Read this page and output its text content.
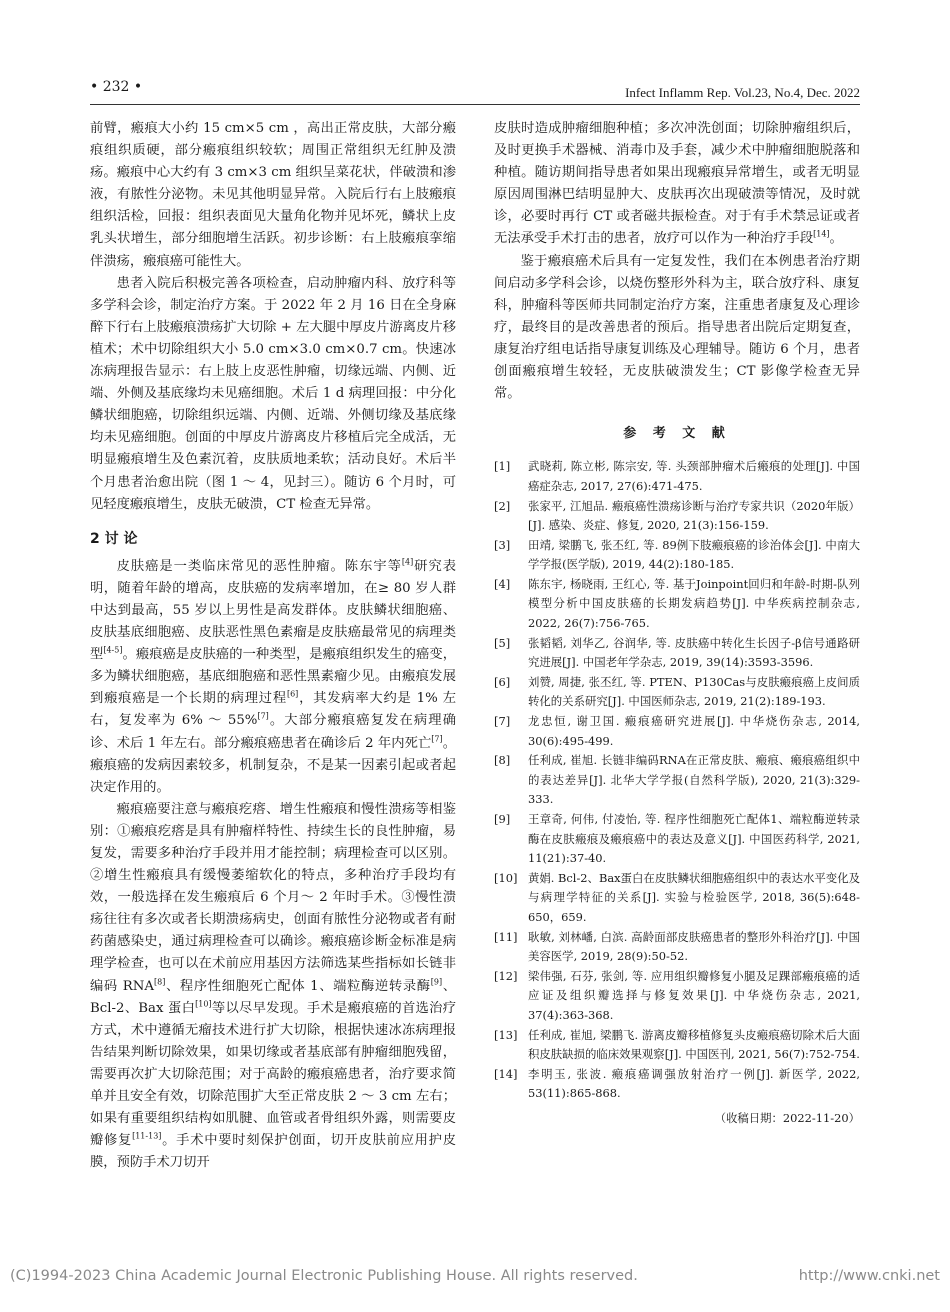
• 232 •	Infect Inflamm Rep. Vol.23, No.4, Dec. 2022

前臂，瘢痕大小约 15 cm×5 cm ，高出正常皮肤，大部分瘢痕组织质硬，部分瘢痕组织较软；周围正常组织无红肿及溃疡。瘢痕中心大约有 3 cm×3 cm 组织呈菜花状，伴破溃和渗液，有脓性分泌物。未见其他明显异常。入院后行右上肢瘢痕组织活检，回报：组织表面见大量角化物并见坏死，鳞状上皮乳头状增生，部分细胞增生活跃。初步诊断：右上肢瘢痕挛缩伴溃疡，瘢痕癌可能性大。

患者入院后积极完善各项检查，启动肿瘤内科、放疗科等多学科会诊，制定治疗方案。于 2022 年 2 月 16 日在全身麻醉下行右上肢瘢痕溃疡扩大切除 + 左大腿中厚皮片游离皮片移植术；术中切除组织大小 5.0 cm×3.0 cm×0.7 cm。快速冰冻病理报告显示：右上肢上皮恶性肿瘤，切缘远端、内侧、近端、外侧及基底缘均未见癌细胞。术后 1 d 病理回报：中分化鳞状细胞癌，切除组织远端、内侧、近端、外侧切缘及基底缘均未见癌细胞。创面的中厚皮片游离皮片移植后完全成活，无明显瘢痕增生及色素沉着，皮肤质地柔软；活动良好。术后半个月患者治愈出院（图 1 ～ 4，见封三）。随访 6 个月时，可见轻度瘢痕增生，皮肤无破溃，CT 检查无异常。

2 讨 论

皮肤癌是一类临床常见的恶性肿瘤。陈东宇等[4]研究表明，随着年龄的增高，皮肤癌的发病率增加，在≥ 80 岁人群中达到最高，55 岁以上男性是高发群体。皮肤鳞状细胞癌、皮肤基底细胞癌、皮肤恶性黑色素瘤是皮肤癌最常见的病理类型[4-5]。瘢痕癌是皮肤癌的一种类型，是瘢痕组织发生的癌变，多为鳞状细胞癌，基底细胞癌和恶性黑素瘤少见。由瘢痕发展到瘢痕癌是一个长期的病理过程[6]，其发病率大约是 1% 左右，复发率为 6% ～ 55%[7]。大部分瘢痕癌复发在病理确诊、术后 1 年左右。部分瘢痕癌患者在确诊后 2 年内死亡[7]。瘢痕癌的发病因素较多，机制复杂，不是某一因素引起或者起决定作用的。

瘢痕癌要注意与瘢痕疙瘩、增生性瘢痕和慢性溃疡等相鉴别：①瘢痕疙瘩是具有肿瘤样特性、持续生长的良性肿瘤，易复发，需要多种治疗手段并用才能控制；病理检查可以区别。②增生性瘢痕具有缓慢萎缩软化的特点，多种治疗手段均有效，一般选择在发生瘢痕后 6 个月～ 2 年时手术。③慢性溃疡往往有多次或者长期溃疡病史，创面有脓性分泌物或者有耐药菌感染史，通过病理检查可以确诊。瘢痕癌诊断金标准是病理学检查，也可以在术前应用基因方法筛选某些指标如长链非编码 RNA[8]、程序性细胞死亡配体 1、端粒酶逆转录酶[9]、Bcl-2、Bax 蛋白[10]等以尽早发现。手术是瘢痕癌的首选治疗方式，术中遵循无瘤技术进行扩大切除，根据快速冰冻病理报告结果判断切除效果，如果切缘或者基底部有肿瘤细胞残留，需要再次扩大切除范围；对于高龄的瘢痕癌患者，治疗要求简单并且安全有效，切除范围扩大至正常皮肤 2 ～ 3 cm 左右；如果有重要组织结构如肌腱、血管或者骨组织外露，则需要皮瓣修复[11-13]。手术中要时刻保护创面，切开皮肤前应用护皮膜，预防手术刀切开

皮肤时造成肿瘤细胞种植；多次冲洗创面；切除肿瘤组织后，及时更换手术器械、消毒巾及手套，减少术中肿瘤细胞脱落和种植。随访期间指导患者如果出现瘢痕异常增生，或者无明显原因周围淋巴结明显肿大、皮肤再次出现破溃等情况，及时就诊，必要时再行 CT 或者磁共振检查。对于有手术禁忌证或者无法承受手术打击的患者，放疗可以作为一种治疗手段[14]。

鉴于瘢痕癌术后具有一定复发性，我们在本例患者治疗期间启动多学科会诊，以烧伤整形外科为主，联合放疗科、康复科，肿瘤科等医师共同制定治疗方案，注重患者康复及心理诊疗，最终目的是改善患者的预后。指导患者出院后定期复查，康复治疗组电话指导康复训练及心理辅导。随访 6 个月，患者创面瘢痕增生较轻，无皮肤破溃发生；CT 影像学检查无异常。

参 考 文 献
[1]	武晓莉, 陈立彬, 陈宗安, 等. 头颈部肿瘤术后瘢痕的处理[J]. 中国癌症杂志, 2017, 27(6):471-475.
[2]	张家平, 江旭品. 瘢痕癌性溃疡诊断与治疗专家共识（2020年版）[J]. 感染、炎症、修复, 2020, 21(3):156-159.
[3]	田靖, 梁鹏飞, 张丕红, 等. 89例下肢瘢痕癌的诊治体会[J]. 中南大学学报(医学版), 2019, 44(2):180-185.
[4]	陈东宇, 杨晓雨, 王红心, 等. 基于Joinpoint回归和年龄-时期-队列模型分析中国皮肤癌的长期发病趋势[J]. 中华疾病控制杂志, 2022, 26(7):756-765.
[5]	张韬韬, 刘华乙, 谷润华, 等. 皮肤癌中转化生长因子-β信号通路研究进展[J]. 中国老年学杂志, 2019, 39(14):3593-3596.
[6]	刘赞, 周捷, 张丕红, 等. PTEN、P130Cas与皮肤瘢痕癌上皮间质转化的关系研究[J]. 中国医师杂志, 2019, 21(2):189-193.
[7]	龙忠恒, 谢卫国. 瘢痕癌研究进展[J]. 中华烧伤杂志, 2014, 30(6):495-499.
[8]	任利成, 崔旭. 长链非编码RNA在正常皮肤、瘢痕、瘢痕癌组织中的表达差异[J]. 北华大学学报(自然科学版), 2020, 21(3):329-333.
[9]	王章奇, 何伟, 付凌怡, 等. 程序性细胞死亡配体1、端粒酶逆转录酶在皮肤瘢痕及瘢痕癌中的表达及意义[J]. 中国医药科学, 2021, 11(21):37-40.
[10] 黄娟. Bcl-2、Bax蛋白在皮肤鳞状细胞癌组织中的表达水平变化及与病理学特征的关系[J]. 实验与检验医学, 2018, 36(5):648-650，659.
[11] 耿敏, 刘林嶓, 白滨. 高龄面部皮肤癌患者的整形外科治疗[J]. 中国美容医学, 2019, 28(9):50-52.
[12] 梁伟强, 石芬, 张剑, 等. 应用组织瓣修复小腿及足踝部瘢痕癌的适应证及组织瓣选择与修复效果[J]. 中华烧伤杂志, 2021, 37(4):363-368.
[13] 任利成, 崔旭, 梁鹏飞. 游离皮瓣移植修复头皮瘢痕癌切除术后大面积皮肤缺损的临床效果观察[J]. 中国医刊, 2021, 56(7):752-754.
[14] 李明玉, 张波. 瘢痕癌调强放射治疗一例[J]. 新医学, 2022, 53(11):865-868.
（收稿日期：2022-11-20）
(C)1994-2023 China Academic Journal Electronic Publishing House. All rights reserved.	http://www.cnki.net
